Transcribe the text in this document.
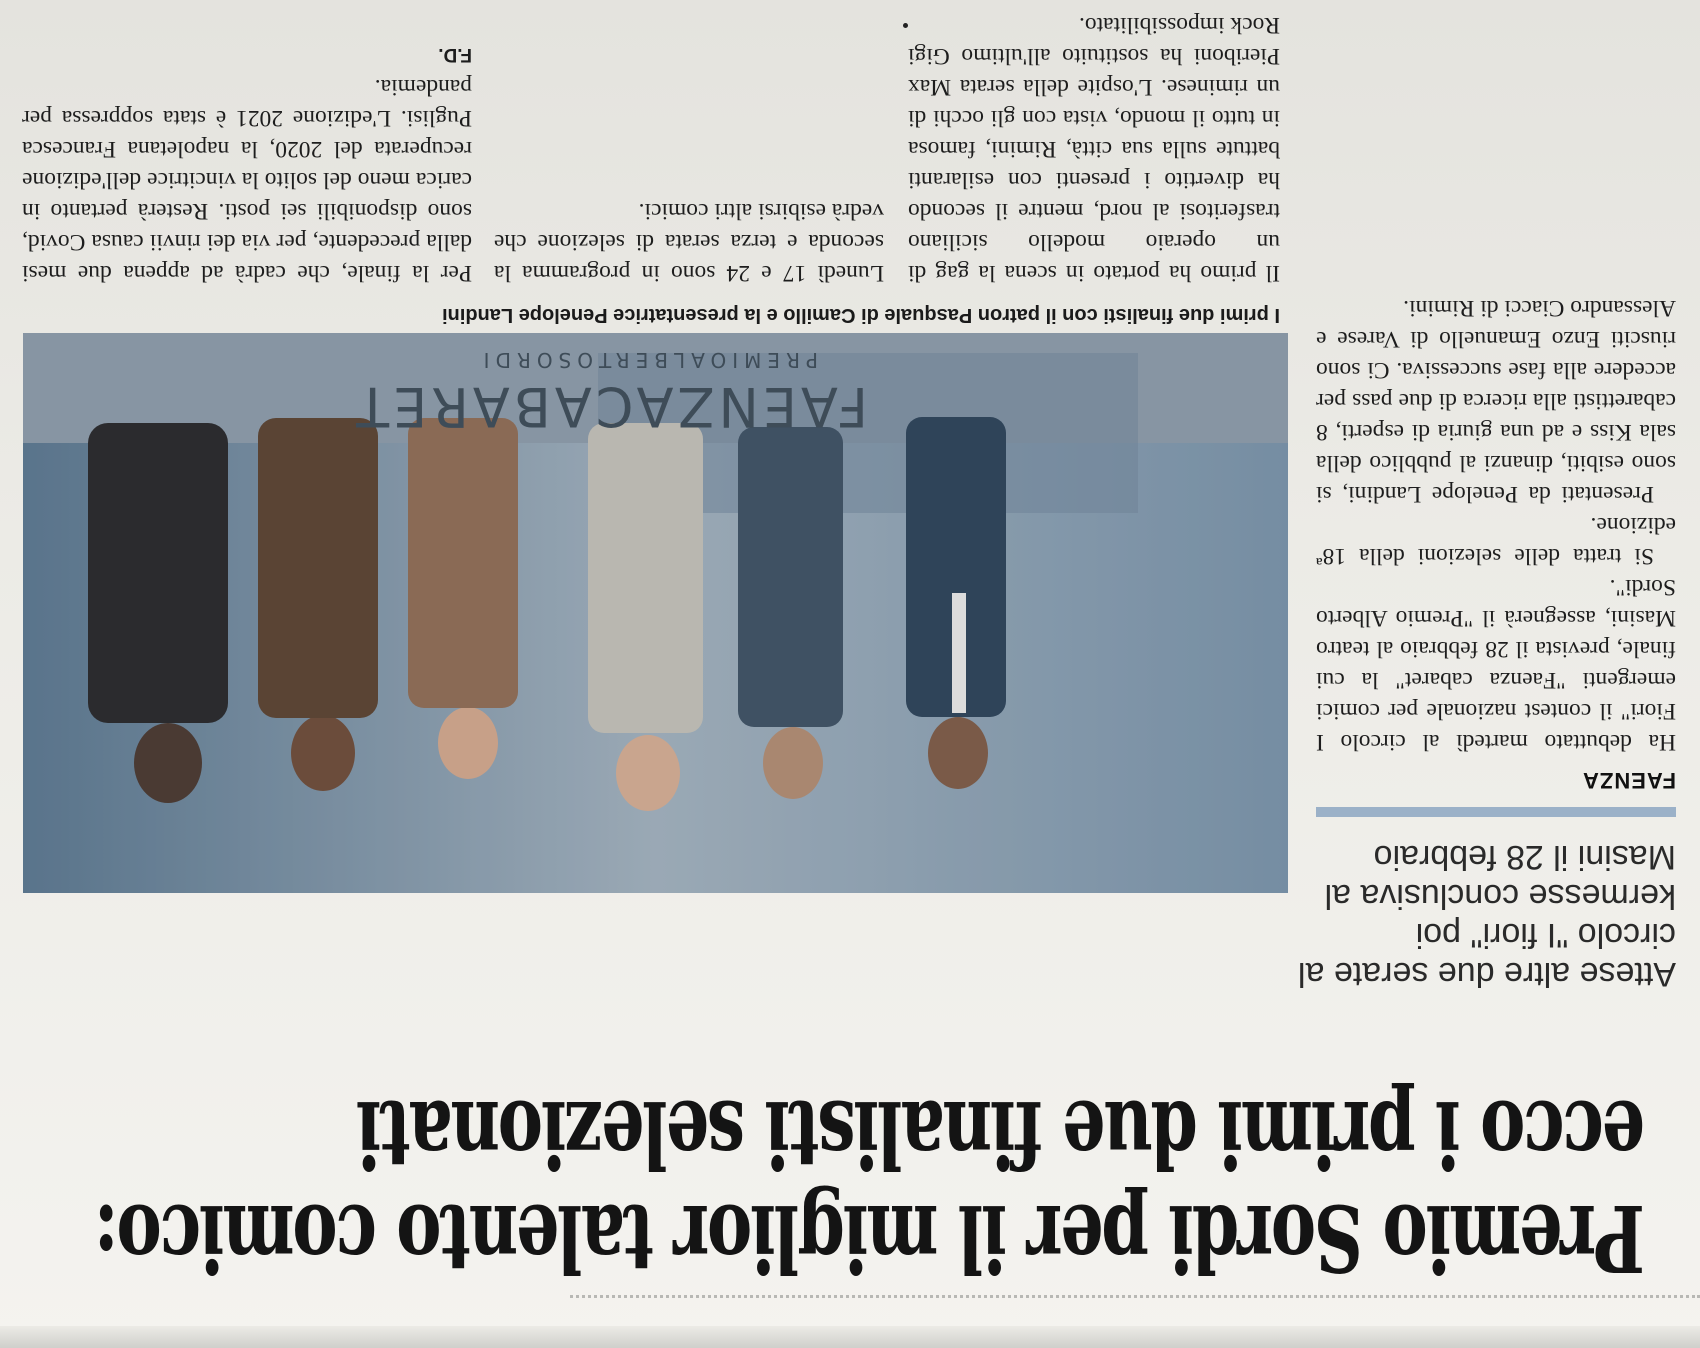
Premio Sordi per il miglior talento comico:
ecco i primi due finalisti selezionati

Attese altre due serate al circolo "I fiori" poi kermesse conclusiva al Masini il 28 febbraio

FAENZA

Ha debuttato martedì al circolo I Fiori" il contest nazionale per comici emergenti "Faenza cabaret" la cui finale, prevista il 28 febbraio al teatro Masini, assegnerà il "Premio Alberto Sordi".

Si tratta delle selezioni della 18ª edizione.

Presentati da Penelope Landini, si sono esibiti, dinanzi al pubblico della sala Kiss e ad una giuria di esperti, 8 cabarettisti alla ricerca di due pass per accedere alla fase successiva. Ci sono riusciti Enzo Emanuello di Varese e Alessandro Ciacci di Rimini.

FAENZACABARET
PREMIOALBERTOSORDI
I primi due finalisti con il patron Pasquale di Camillo e la presentatrice Penelope Landini

Il primo ha portato in scena la gag di un operaio modello siciliano trasferitosi al nord, mentre il secondo ha divertito i presenti con esilaranti battute sulla sua città, Rimini, famosa in tutto il mondo, vista con gli occhi di un riminese. L'ospite della serata Max Pieriboni ha sostituito all'ultimo Gigi Rock impossibilitato.

Lunedì 17 e 24 sono in programma la seconda e terza serata di selezione che vedrà esibirsi altri comici.

Per la finale, che cadrà ad appena due mesi dalla precedente, per via dei rinvii causa Covid, sono disponibili sei posti. Resterà pertanto in carica meno del solito la vincitrice dell'edizione recuperata del 2020, la napoletana Francesca Puglisi. L'edizione 2021 è stata soppressa per pandemia.

F.D.
